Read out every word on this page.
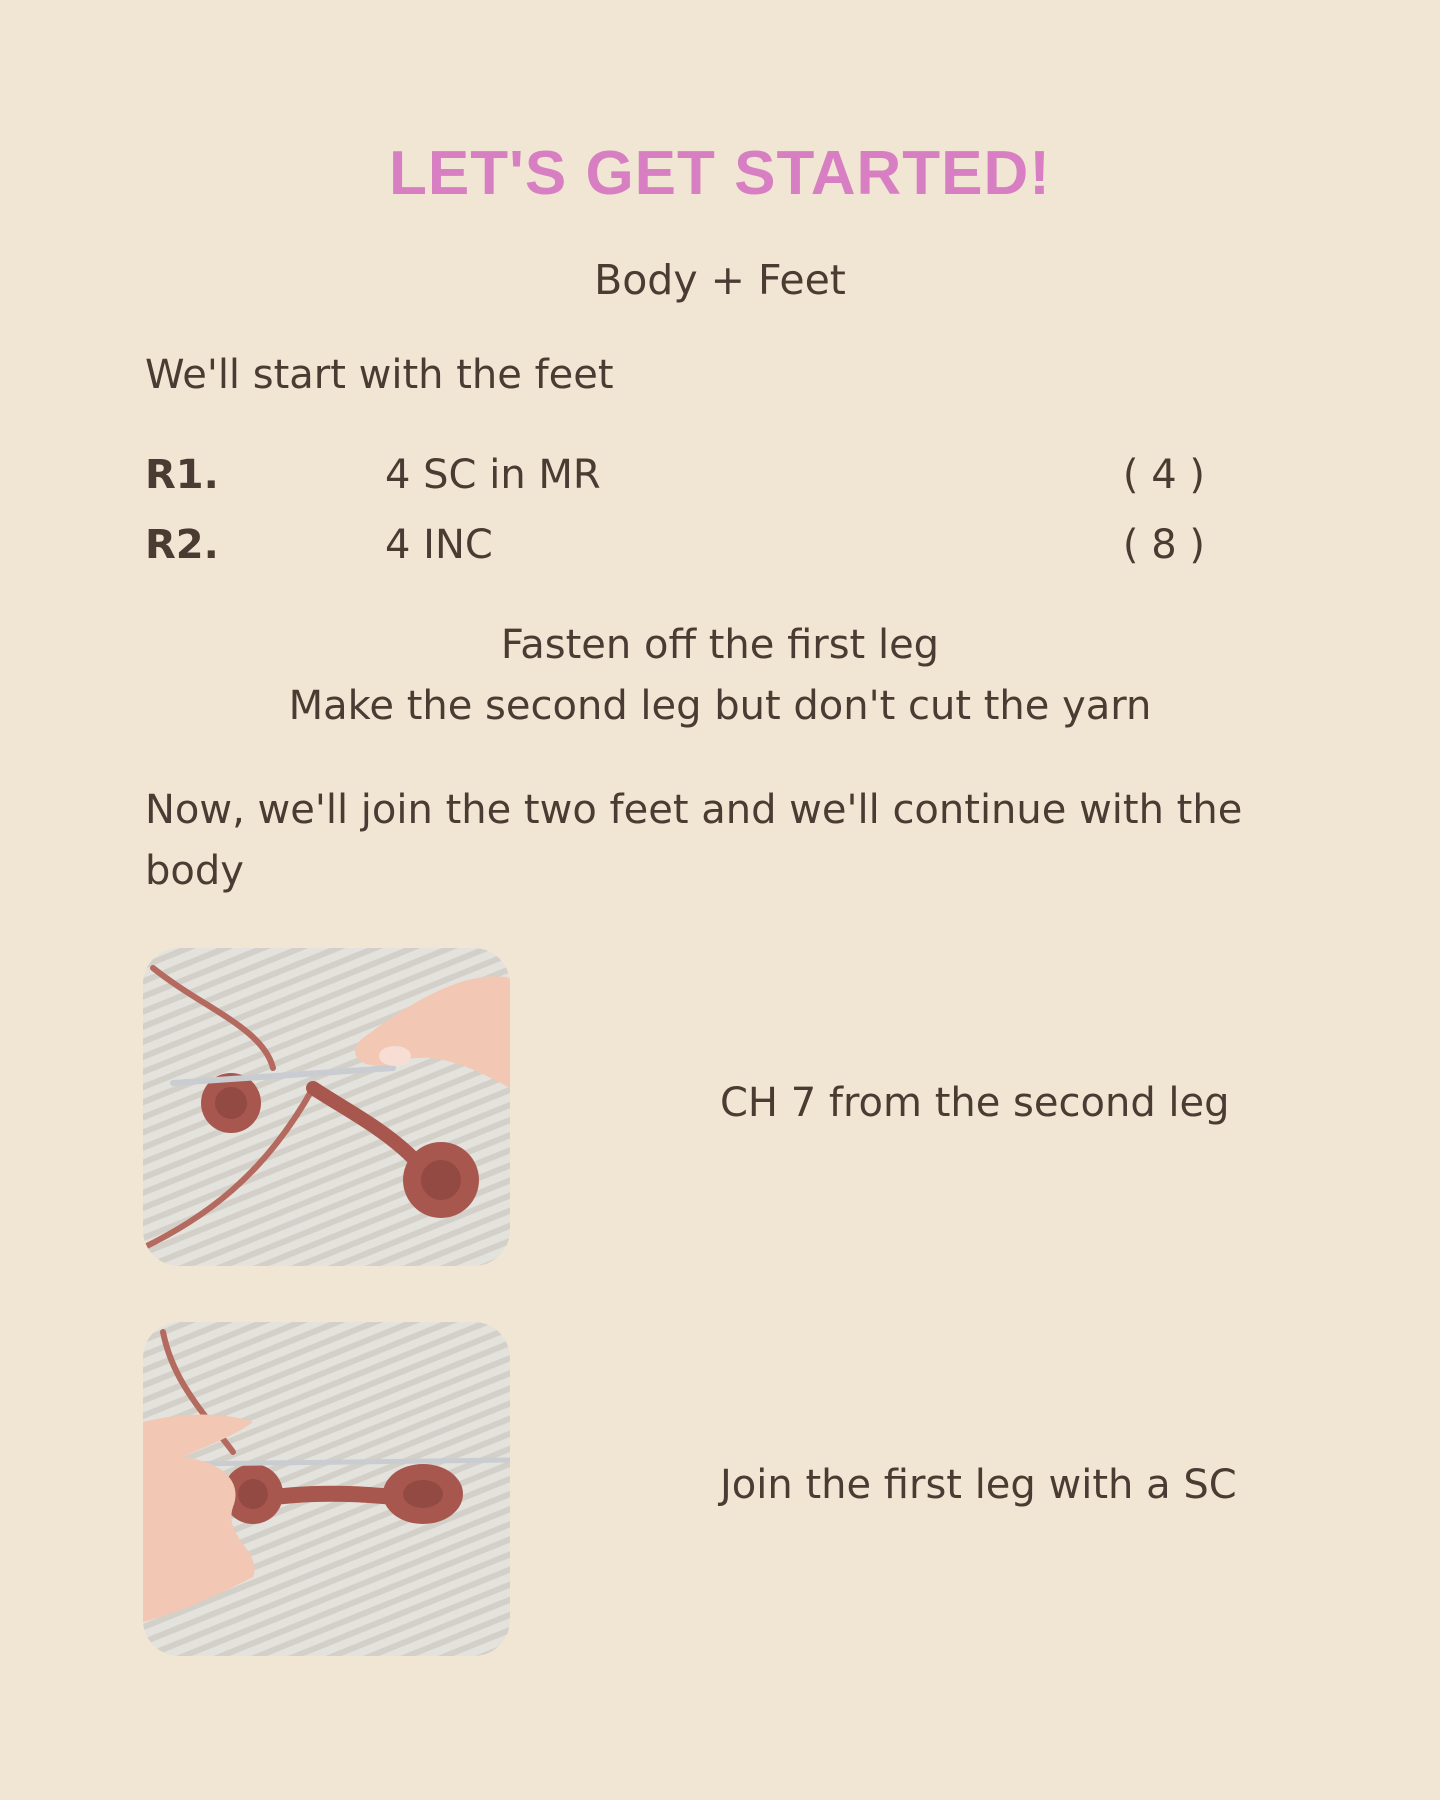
LET'S GET STARTED!
Body + Feet

We'll start with the feet

R1.	4 SC in MR	( 4 )
R2.	4 INC	( 8 )

Fasten off the first leg

Make the second leg but don't cut the yarn

Now, we'll join the two feet and we'll continue with the body

CH 7 from the second leg

Join the first leg with a SC
